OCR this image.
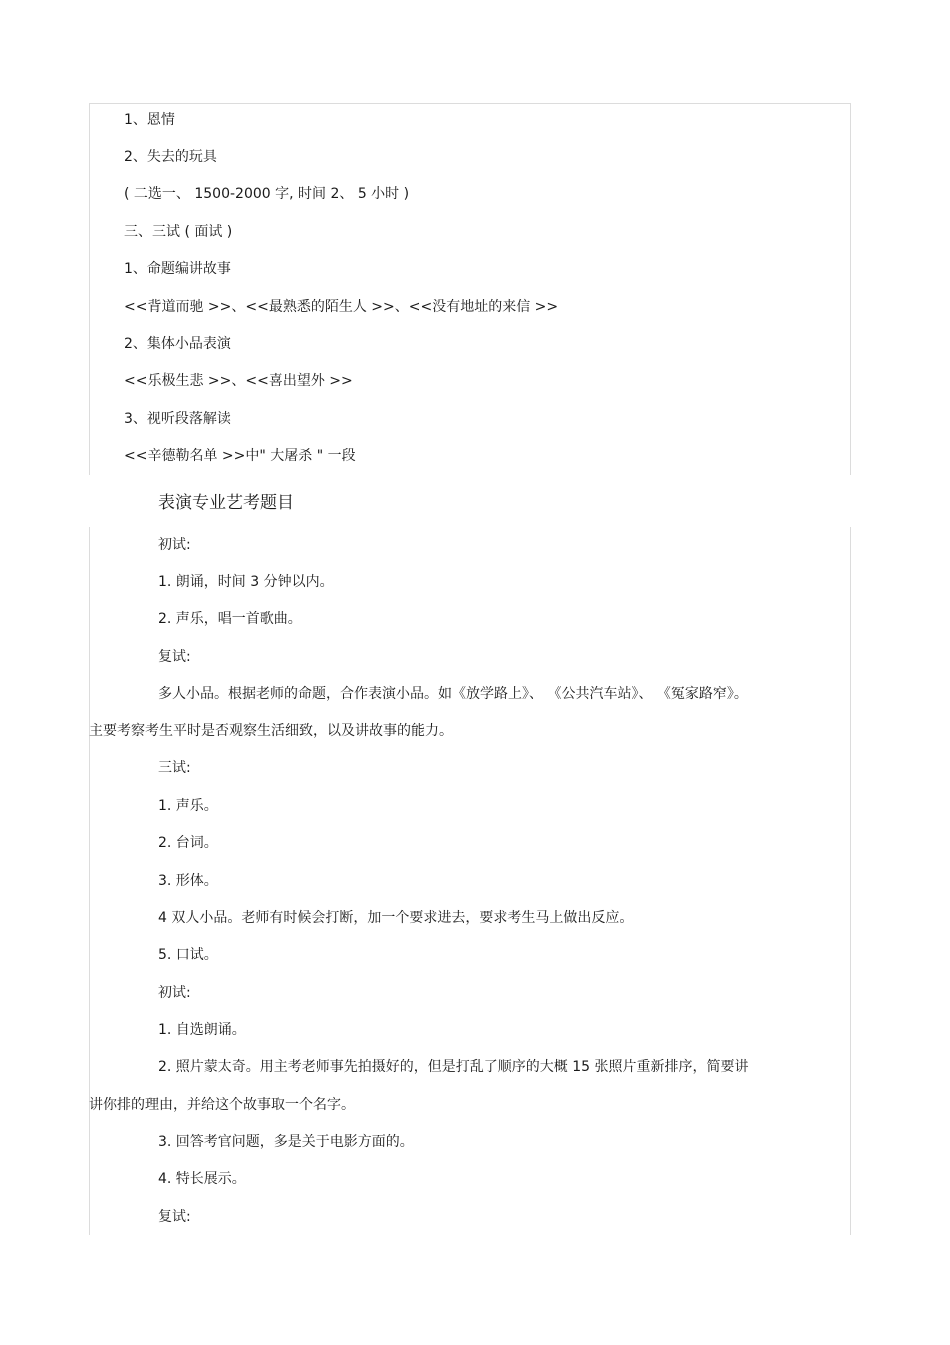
1、恩情
2、失去的玩具
( 二选一、 1500-2000 字, 时间 2、 5 小时 )
三、三试 ( 面试 )
1、命题编讲故事
<<背道而驰 >>、<<最熟悉的陌生人 >>、<<没有地址的来信 >>
2、集体小品表演
<<乐极生悲 >>、<<喜出望外 >>
3、视听段落解读
<<辛德勒名单 >>中" 大屠杀 " 一段
表演专业艺考题目
初试:
1. 朗诵，时间 3 分钟以内。
2. 声乐，唱一首歌曲。
复试:
多人小品。根据老师的命题，合作表演小品。如《放学路上》、 《公共汽车站》、 《冤家路窄》。
主要考察考生平时是否观察生活细致，以及讲故事的能力。
三试:
1. 声乐。
2. 台词。
3. 形体。
4 双人小品。老师有时候会打断，加一个要求进去，要求考生马上做出反应。
5. 口试。
初试:
1. 自选朗诵。
2. 照片蒙太奇。用主考老师事先拍摄好的，但是打乱了顺序的大概 15 张照片重新排序，简要讲
讲你排的理由，并给这个故事取一个名字。
3. 回答考官问题，多是关于电影方面的。
4. 特长展示。
复试:
